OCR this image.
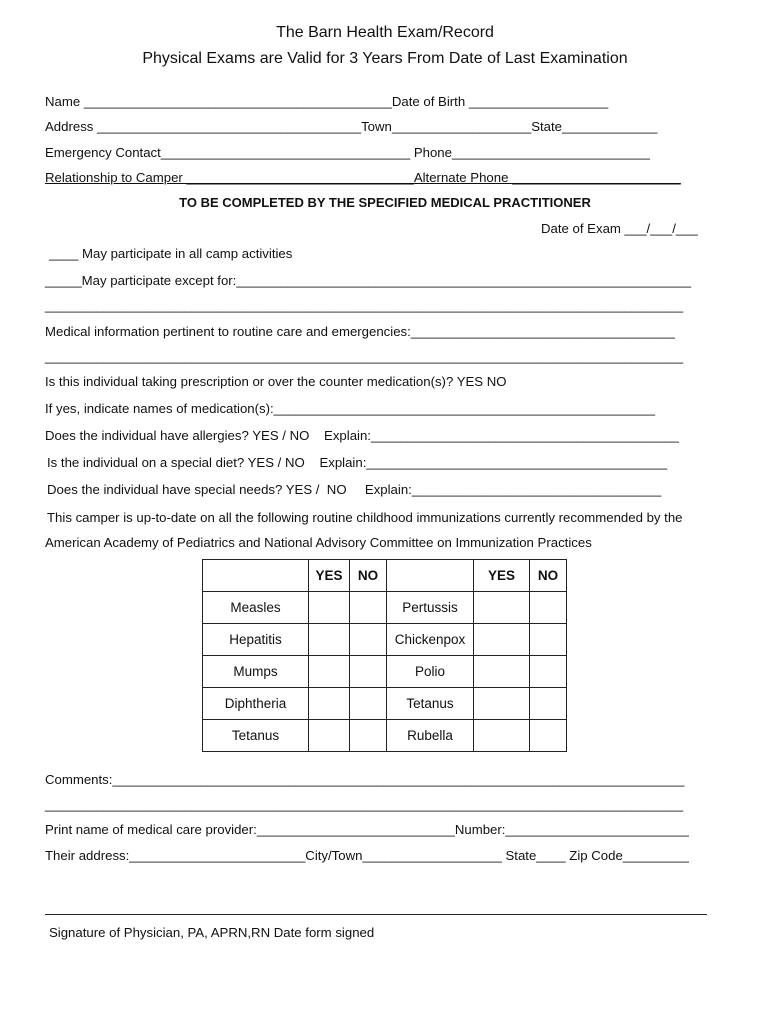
The Barn Health Exam/Record
Physical Exams are Valid for 3 Years From Date of Last Examination
Name __________________________________________Date of Birth ___________________
Address ____________________________________Town___________________State_____________
Emergency Contact__________________________________ Phone___________________________
Relationship to Camper _______________________________Alternate Phone _______________________
TO BE COMPLETED BY THE SPECIFIED MEDICAL PRACTITIONER
Date of Exam ___/___/___
____ May participate in all camp activities
_____May participate except for:______________________________________________________________
_______________________________________________________________________________________
Medical information pertinent to routine care and emergencies:____________________________________
_______________________________________________________________________________________
Is this individual taking prescription or over the counter medication(s)? YES NO
If yes, indicate names of medication(s):____________________________________________________
Does the individual have allergies? YES / NO    Explain:__________________________________________
Is the individual on a special diet? YES / NO    Explain:_________________________________________
Does the individual have special needs? YES /  NO     Explain:__________________________________
This camper is up-to-date on all the following routine childhood immunizations currently recommended by the
American Academy of Pediatrics and National Advisory Committee on Immunization Practices
	YES	NO		YES	NO
Measles			Pertussis		
Hepatitis			Chickenpox		
Mumps			Polio		
Diphtheria			Tetanus		
Tetanus			Rubella		
Comments:______________________________________________________________________________
_______________________________________________________________________________________
Print name of medical care provider:___________________________Number:_________________________
Their address:________________________City/Town___________________ State____ Zip Code_________
Signature of Physician, PA, APRN,RN Date form signed
